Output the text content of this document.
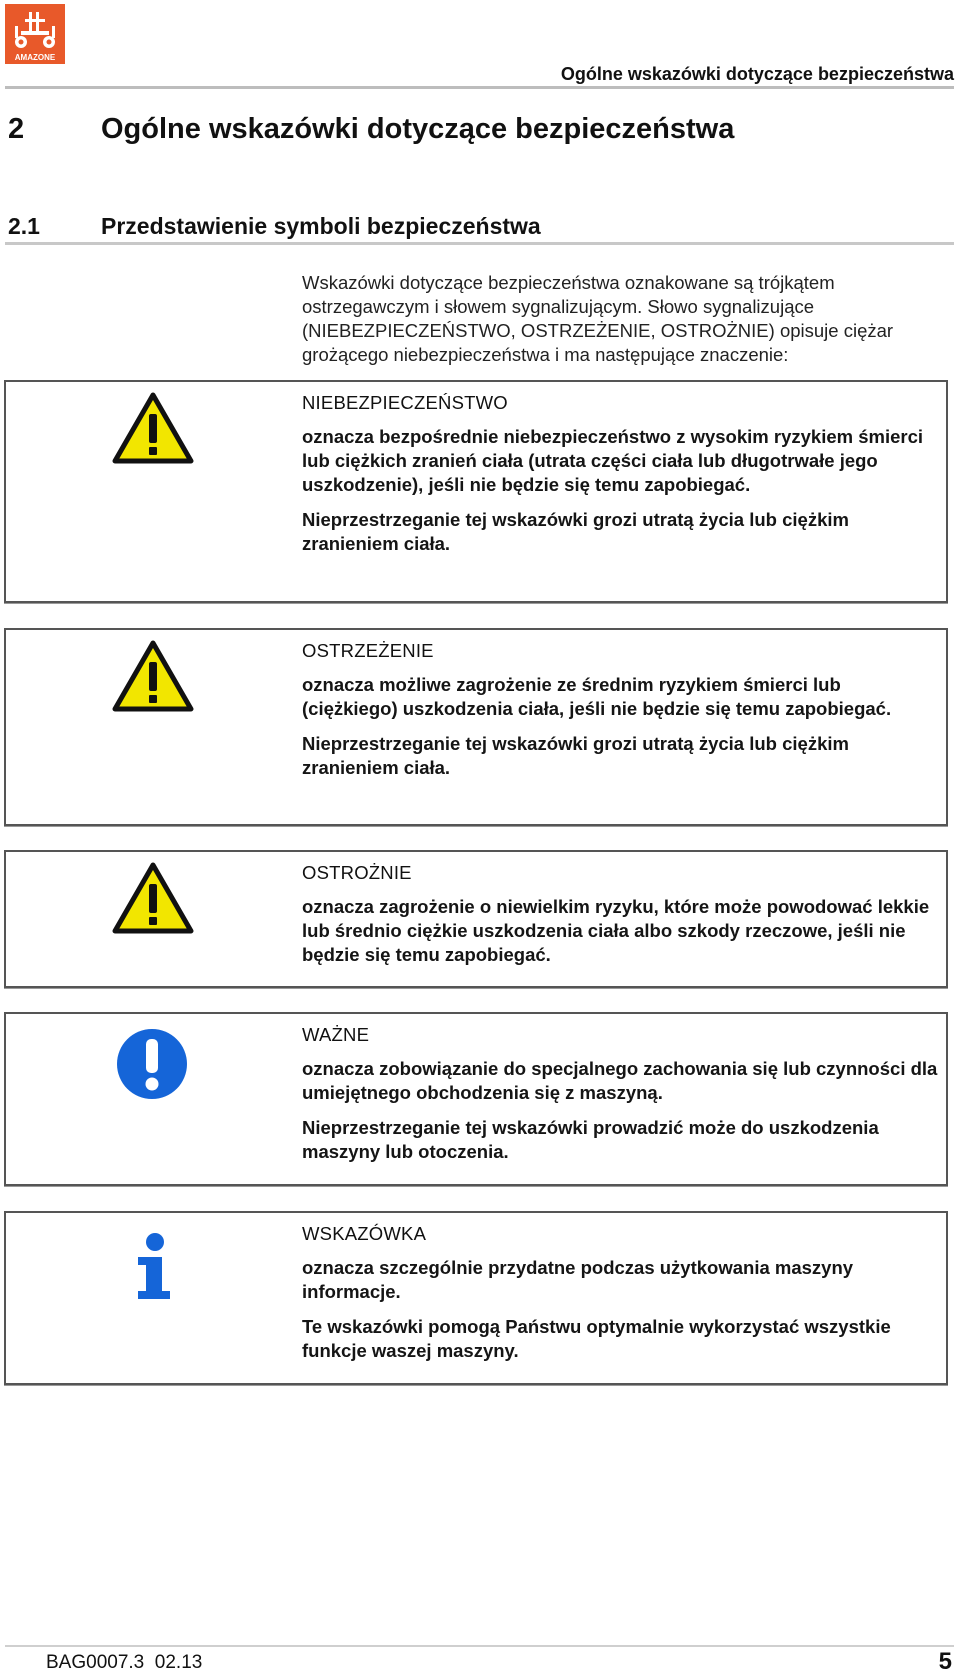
AMAZONE
Ogólne wskazówki dotyczące bezpieczeństwa
2	Ogólne wskazówki dotyczące bezpieczeństwa
2.1	Przedstawienie symboli bezpieczeństwa

Wskazówki dotyczące bezpieczeństwa oznakowane są trójkątem ostrzegawczym i słowem sygnalizującym. Słowo sygnalizujące (NIEBEZPIECZEŃSTWO, OSTRZEŻENIE, OSTROŻNIE) opisuje ciężar grożącego niebezpieczeństwa i ma następujące znaczenie:

NIEBEZPIECZEŃSTWO

oznacza bezpośrednie niebezpieczeństwo z wysokim ryzykiem śmierci lub ciężkich zranień ciała (utrata części ciała lub długotrwałe jego uszkodzenie), jeśli nie będzie się temu zapobiegać.

Nieprzestrzeganie tej wskazówki grozi utratą życia lub ciężkim zranieniem ciała.

OSTRZEŻENIE

oznacza możliwe zagrożenie ze średnim ryzykiem śmierci lub (ciężkiego) uszkodzenia ciała, jeśli nie będzie się temu zapobiegać.

Nieprzestrzeganie tej wskazówki grozi utratą życia lub ciężkim zranieniem ciała.

OSTROŻNIE

oznacza zagrożenie o niewielkim ryzyku, które może powodować lekkie lub średnio ciężkie uszkodzenia ciała albo szkody rzeczowe, jeśli nie będzie się temu zapobiegać.

WAŻNE

oznacza zobowiązanie do specjalnego zachowania się lub czynności dla umiejętnego obchodzenia się z maszyną.

Nieprzestrzeganie tej wskazówki prowadzić może do uszkodzenia maszyny lub otoczenia.

WSKAZÓWKA

oznacza szczególnie przydatne podczas użytkowania maszyny informacje.

Te wskazówki pomogą Państwu optymalnie wykorzystać wszystkie funkcje waszej maszyny.

BAG0007.3  02.13	5
